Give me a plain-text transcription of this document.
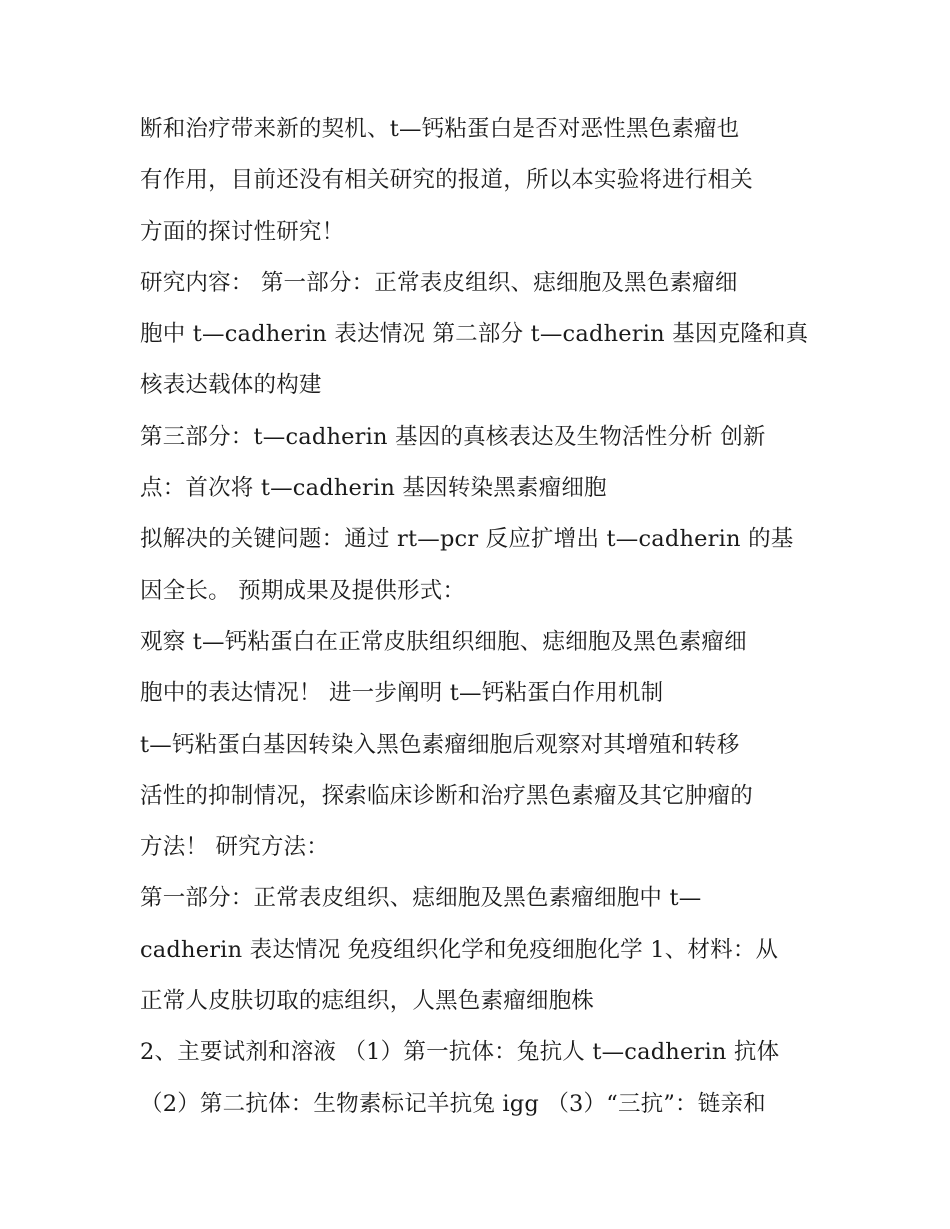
断和治疗带来新的契机、t—钙粘蛋白是否对恶性黑色素瘤也
有作用，目前还没有相关研究的报道，所以本实验将进行相关
方面的探讨性研究！
研究内容： 第一部分：正常表皮组织、痣细胞及黑色素瘤细
胞中 t—cadherin 表达情况 第二部分 t—cadherin 基因克隆和真
核表达载体的构建
第三部分：t—cadherin 基因的真核表达及生物活性分析 创新
点：首次将 t—cadherin 基因转染黑素瘤细胞
拟解决的关键问题：通过 rt—pcr 反应扩增出 t—cadherin 的基
因全长。 预期成果及提供形式：
观察 t—钙粘蛋白在正常皮肤组织细胞、痣细胞及黑色素瘤细
胞中的表达情况！ 进一步阐明 t—钙粘蛋白作用机制
t—钙粘蛋白基因转染入黑色素瘤细胞后观察对其增殖和转移
活性的抑制情况，探索临床诊断和治疗黑色素瘤及其它肿瘤的
方法！ 研究方法：
第一部分：正常表皮组织、痣细胞及黑色素瘤细胞中 t—
cadherin 表达情况 免疫组织化学和免疫细胞化学 1、材料：从
正常人皮肤切取的痣组织，人黑色素瘤细胞株
2、主要试剂和溶液 （1）第一抗体：兔抗人 t—cadherin 抗体
（2）第二抗体：生物素标记羊抗兔 igg （3）“三抗”：链亲和
